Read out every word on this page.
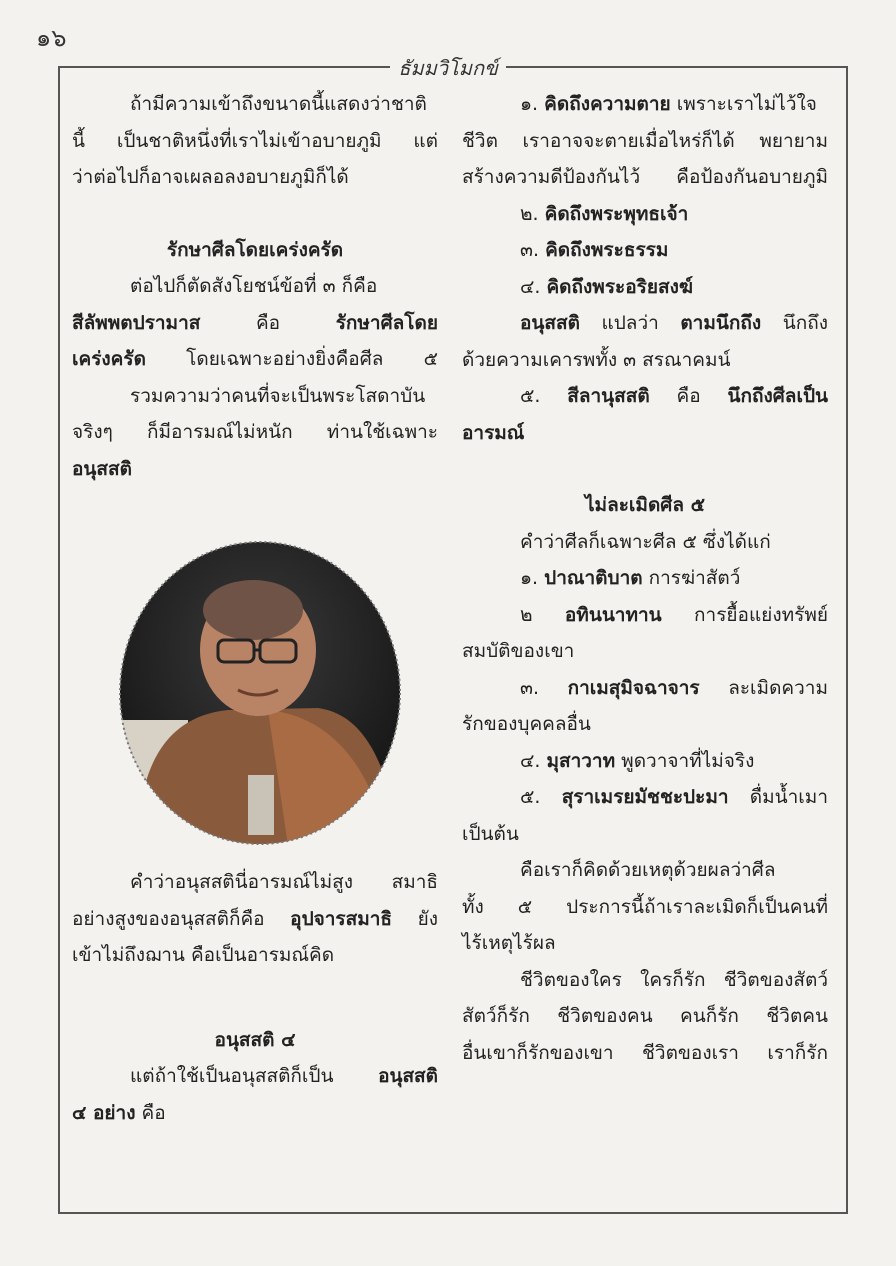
๑๖
ธัมมวิโมกข์

ถ้ามีความเข้าถึงขนาดนี้แสดงว่าชาติ

นี้ เป็นชาติหนึ่งที่เราไม่เข้าอบายภูมิ แต่

ว่าต่อไปก็อาจเผลอลงอบายภูมิก็ได้

รักษาศีลโดยเคร่งครัด

ต่อไปก็ตัดสังโยชน์ข้อที่ ๓ ก็คือ

สีลัพพตปรามาส คือ รักษาศีลโดย

เคร่งครัด โดยเฉพาะอย่างยิ่งคือศีล ๕

รวมความว่าคนที่จะเป็นพระโสดาบัน

จริงๆ ก็มีอารมณ์ไม่หนัก ท่านใช้เฉพาะ

อนุสสติ

คำว่าอนุสสตินี่อารมณ์ไม่สูง สมาธิ

อย่างสูงของอนุสสติก็คือ อุปจารสมาธิ ยัง

เข้าไม่ถึงฌาน คือเป็นอารมณ์คิด

อนุสสติ ๔

แต่ถ้าใช้เป็นอนุสสติก็เป็น อนุสสติ

๔ อย่าง คือ

๑. คิดถึงความตาย เพราะเราไม่ไว้ใจ

ชีวิต เราอาจจะตายเมื่อไหร่ก็ได้ พยายาม

สร้างความดีป้องกันไว้ คือป้องกันอบายภูมิ

๒. คิดถึงพระพุทธเจ้า

๓. คิดถึงพระธรรม

๔. คิดถึงพระอริยสงฆ์

อนุสสติ แปลว่า ตามนึกถึง นึกถึง

ด้วยความเคารพทั้ง ๓ สรณาคมน์

๕. สีลานุสสติ คือ นึกถึงศีลเป็น

อารมณ์

ไม่ละเมิดศีล ๕

คำว่าศีลก็เฉพาะศีล ๕ ซึ่งได้แก่

๑. ปาณาติบาต การฆ่าสัตว์

๒ อทินนาทาน การยื้อแย่งทรัพย์

สมบัติของเขา

๓. กาเมสุมิจฉาจาร ละเมิดความ

รักของบุคคลอื่น

๔. มุสาวาท พูดวาจาที่ไม่จริง

๕. สุราเมรยมัชชะปะมา ดื่มน้ำเมา

เป็นต้น

คือเราก็คิดด้วยเหตุด้วยผลว่าศีล

ทั้ง ๕ ประการนี้ถ้าเราละเมิดก็เป็นคนที่

ไร้เหตุไร้ผล

ชีวิตของใคร ใครก็รัก ชีวิตของสัตว์

สัตว์ก็รัก ชีวิตของคน คนก็รัก ชีวิตคน

อื่นเขาก็รักของเขา ชีวิตของเรา เราก็รัก
